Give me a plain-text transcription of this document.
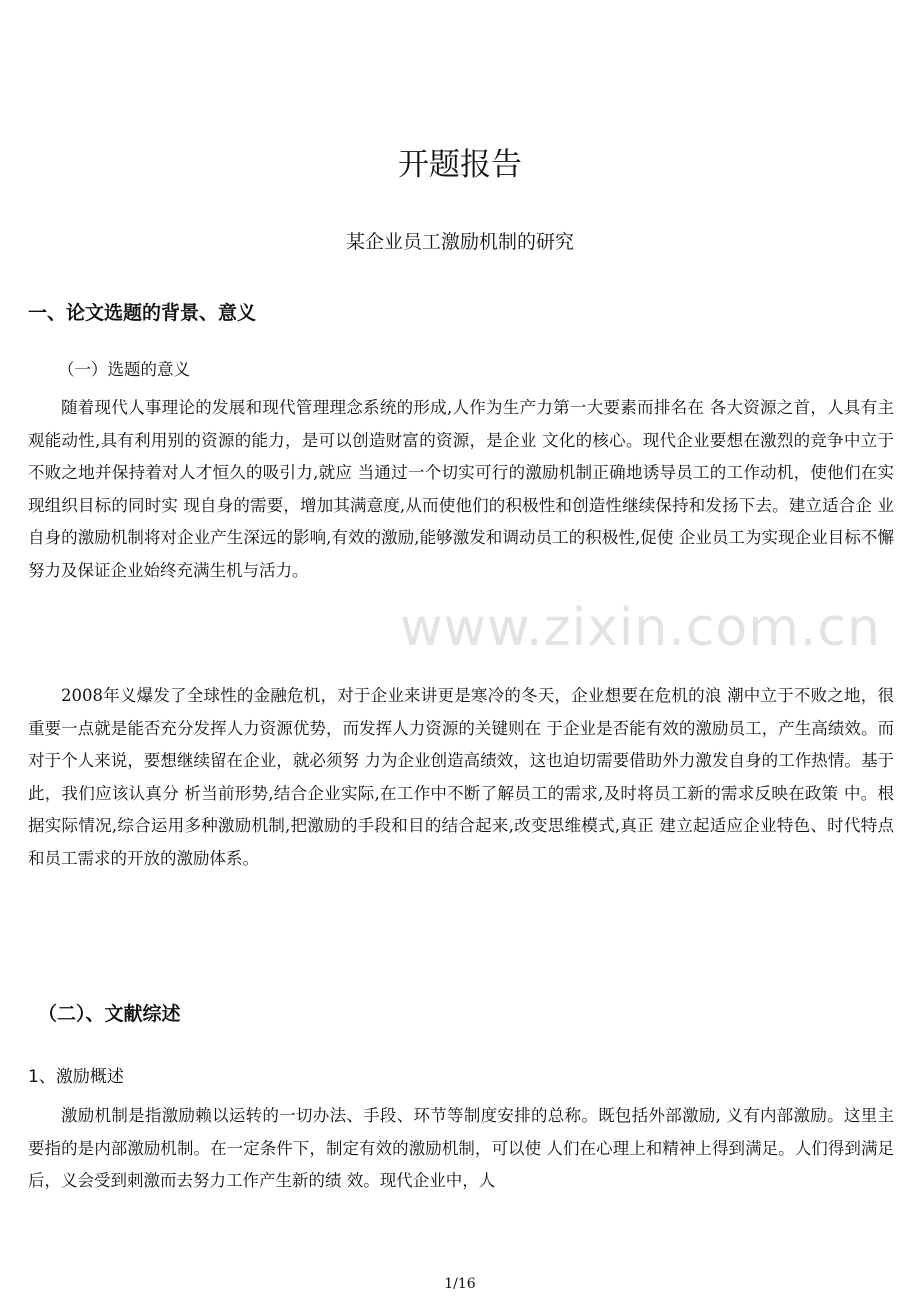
www.zixin.com.cn
开题报告
某企业员工激励机制的研究
一、论文选题的背景、意义
（一）选题的意义

随着现代人事理论的发展和现代管理理念系统的形成,人作为生产力第一大要素而排名在 各大资源之首，人具有主观能动性,具有利用别的资源的能力，是可以创造财富的资源，是企业 文化的核心。现代企业要想在激烈的竞争中立于不败之地并保持着对人才恒久的吸引力,就应 当通过一个切实可行的激励机制正确地诱导员工的工作动机，使他们在实现组织目标的同时实 现自身的需要，增加其满意度,从而使他们的积极性和创造性继续保持和发扬下去。建立适合企 业自身的激励机制将对企业产生深远的影响,有效的激励,能够激发和调动员工的积极性,促使 企业员工为实现企业目标不懈努力及保证企业始终充满生机与活力。

2008年义爆发了全球性的金融危机，对于企业来讲更是寒冷的冬天，企业想要在危机的浪 潮中立于不败之地，很重要一点就是能否充分发挥人力资源优势，而发挥人力资源的关键则在 于企业是否能有效的激励员工，产生高绩效。而对于个人来说，要想继续留在企业，就必须努 力为企业创造高绩效，这也迫切需要借助外力激发自身的工作热情。基于此，我们应该认真分 析当前形势,结合企业实际,在工作中不断了解员工的需求,及时将员工新的需求反映在政策 中。根据实际情况,综合运用多种激励机制,把激励的手段和目的结合起来,改变思维模式,真正 建立起适应企业特色、时代特点和员工需求的开放的激励体系。

（二）、文献综述
1、激励概述

激励机制是指激励赖以运转的一切办法、手段、环节等制度安排的总称。既包括外部激励, 义有内部激励。这里主要指的是内部激励机制。在一定条件下，制定有效的激励机制，可以使 人们在心理上和精神上得到满足。人们得到满足后，义会受到刺激而去努力工作产生新的绩 效。现代企业中，人

1/16
